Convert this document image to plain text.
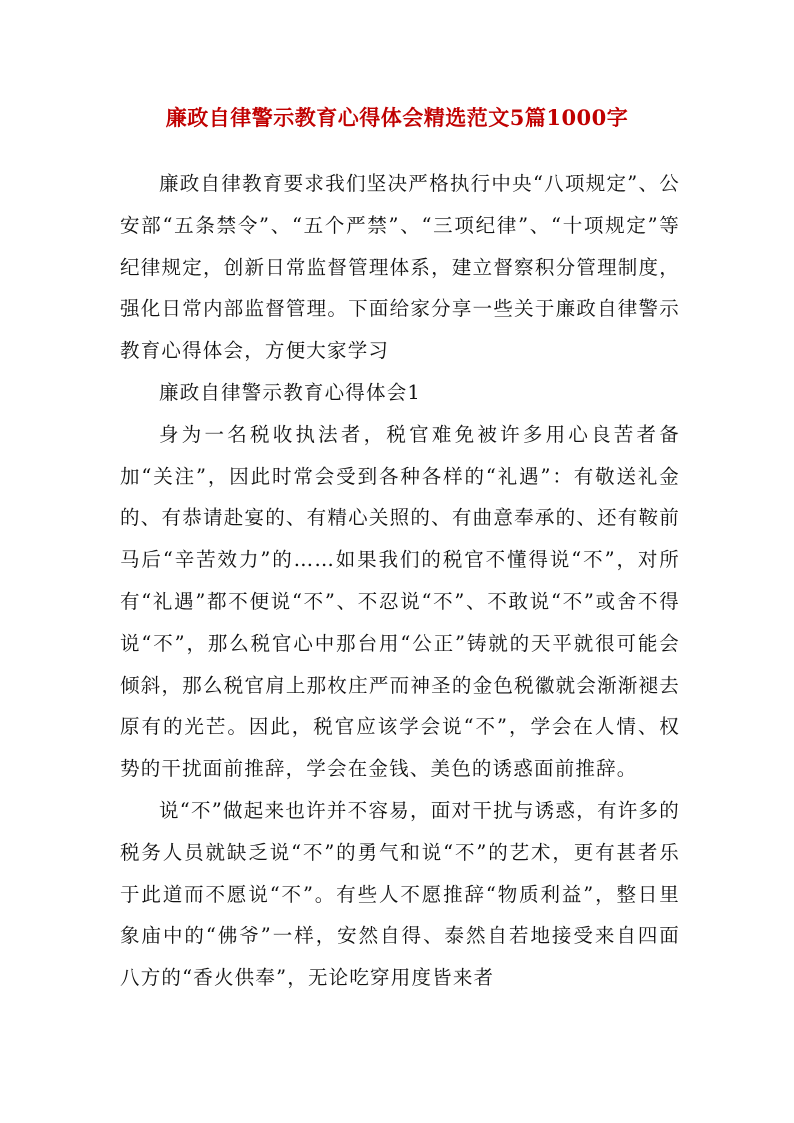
廉政自律警示教育心得体会精选范文5篇1000字

廉政自律教育要求我们坚决严格执行中央“八项规定”、公安部“五条禁令”、“五个严禁”、“三项纪律”、“十项规定”等纪律规定，创新日常监督管理体系，建立督察积分管理制度，强化日常内部监督管理。下面给家分享一些关于廉政自律警示教育心得体会，方便大家学习

廉政自律警示教育心得体会1

身为一名税收执法者，税官难免被许多用心良苦者备加“关注”，因此时常会受到各种各样的“礼遇”：有敬送礼金的、有恭请赴宴的、有精心关照的、有曲意奉承的、还有鞍前马后“辛苦效力”的……如果我们的税官不懂得说“不”，对所有“礼遇”都不便说“不”、不忍说“不”、不敢说“不”或舍不得说“不”，那么税官心中那台用“公正”铸就的天平就很可能会倾斜，那么税官肩上那枚庄严而神圣的金色税徽就会渐渐褪去原有的光芒。因此，税官应该学会说“不”，学会在人情、权势的干扰面前推辞，学会在金钱、美色的诱惑面前推辞。

说“不”做起来也许并不容易，面对干扰与诱惑，有许多的税务人员就缺乏说“不”的勇气和说“不”的艺术，更有甚者乐于此道而不愿说“不”。有些人不愿推辞“物质利益”，整日里象庙中的“佛爷”一样，安然自得、泰然自若地接受来自四面八方的“香火供奉”，无论吃穿用度皆来者
